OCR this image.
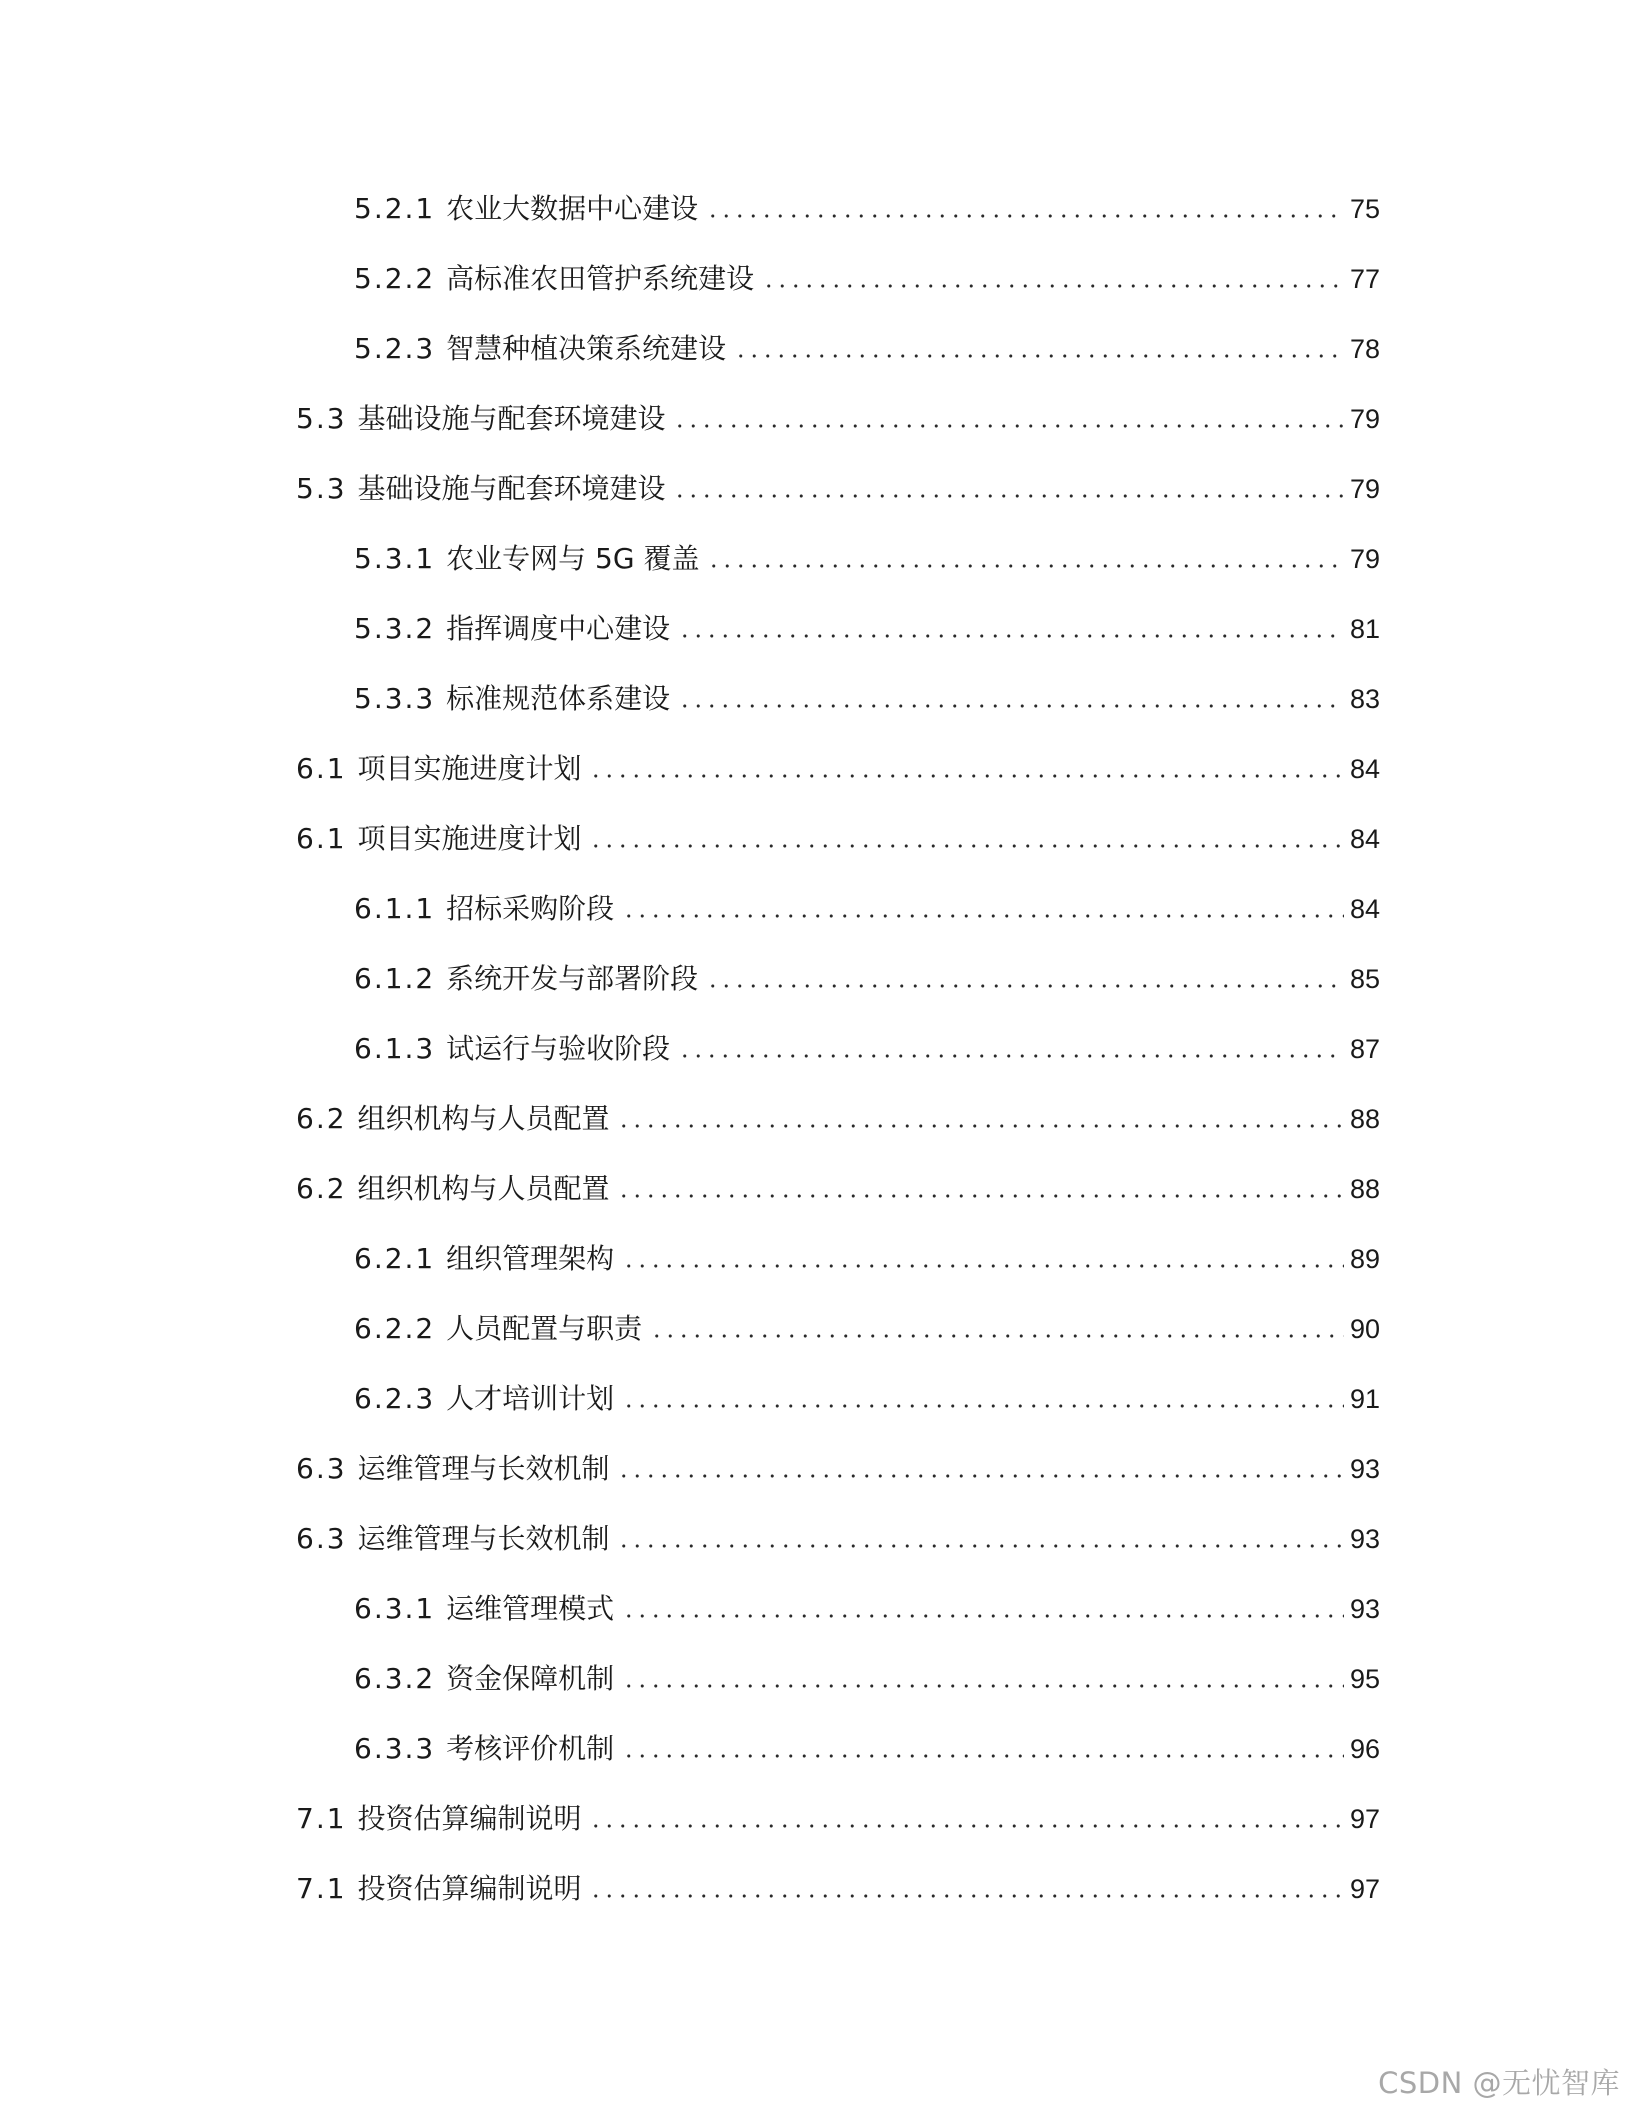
5.2.1 农业大数据中心建设	75
5.2.2 高标准农田管护系统建设	77
5.2.3 智慧种植决策系统建设	78
5.3 基础设施与配套环境建设	79
5.3 基础设施与配套环境建设	79
5.3.1 农业专网与 5G 覆盖	79
5.3.2 指挥调度中心建设	81
5.3.3 标准规范体系建设	83
6.1 项目实施进度计划	84
6.1 项目实施进度计划	84
6.1.1 招标采购阶段	84
6.1.2 系统开发与部署阶段	85
6.1.3 试运行与验收阶段	87
6.2 组织机构与人员配置	88
6.2 组织机构与人员配置	88
6.2.1 组织管理架构	89
6.2.2 人员配置与职责	90
6.2.3 人才培训计划	91
6.3 运维管理与长效机制	93
6.3 运维管理与长效机制	93
6.3.1 运维管理模式	93
6.3.2 资金保障机制	95
6.3.3 考核评价机制	96
7.1 投资估算编制说明	97
7.1 投资估算编制说明	97
CSDN @无忧智库
